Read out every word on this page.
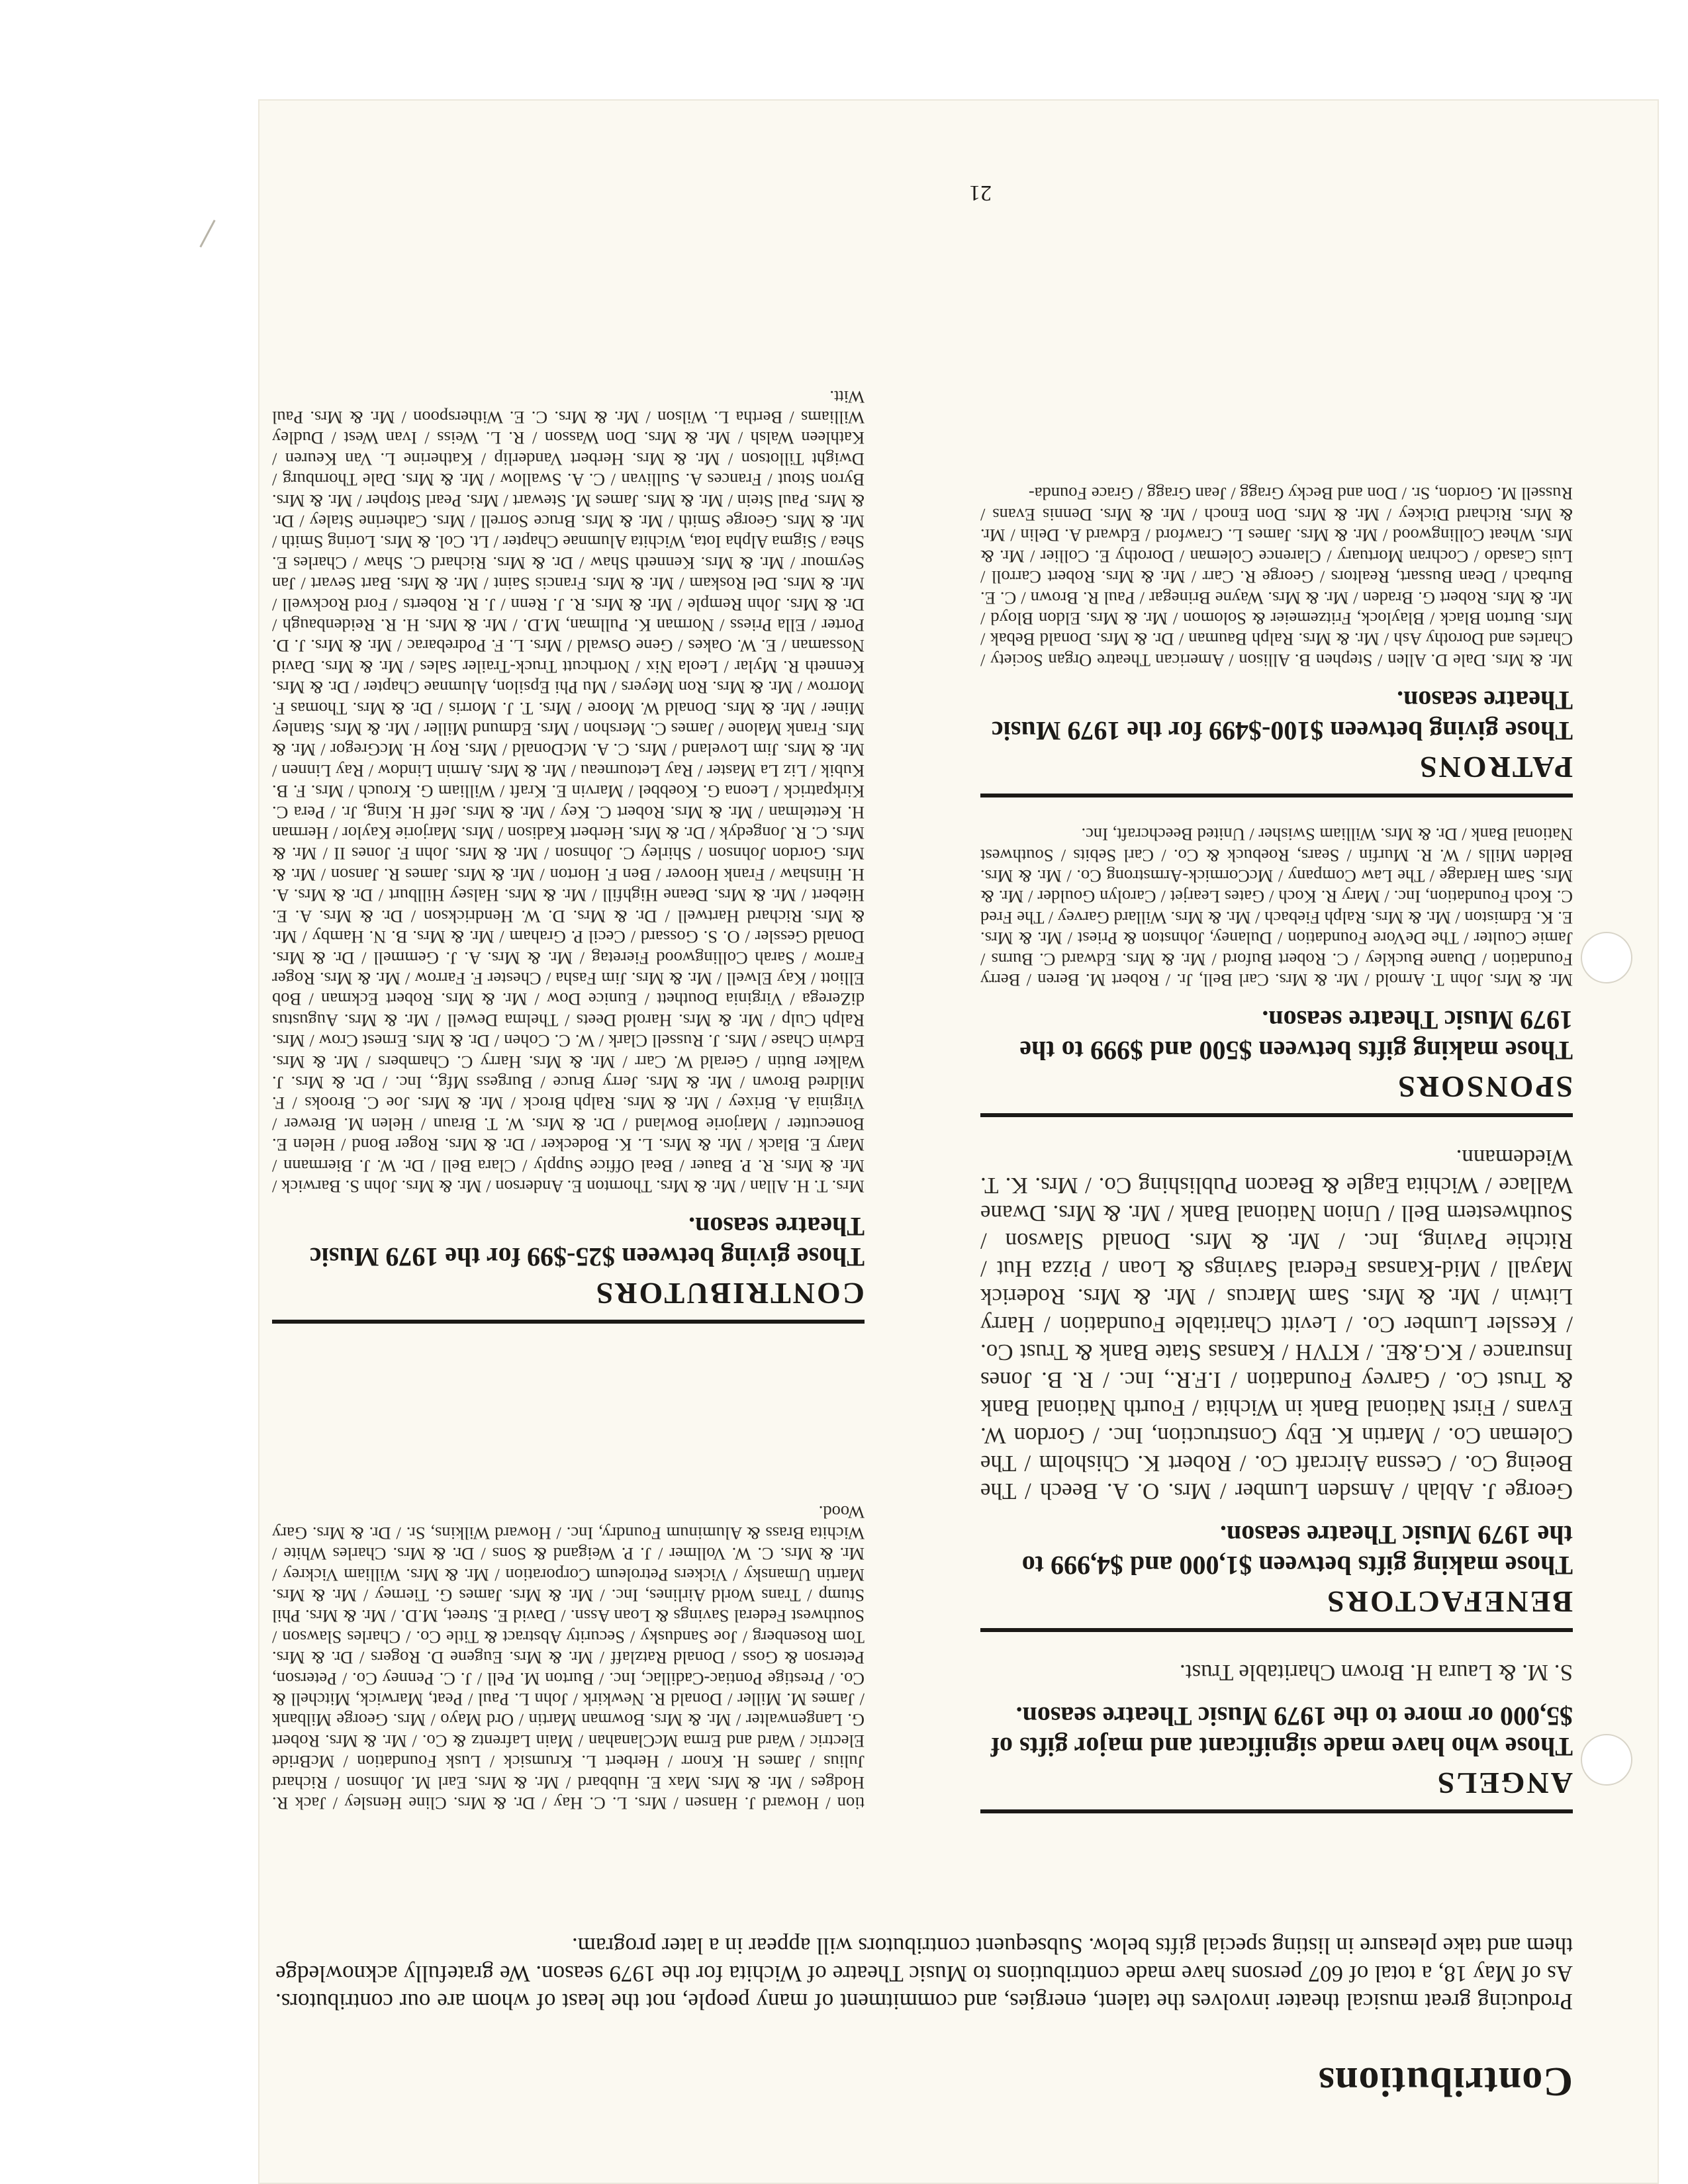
Contributions

Producing great musical theater involves the talent, energies, and commitment of many people, not the least of whom are our contributors. As of May 18, a total of 607 persons have made contributions to Music Theatre of Wichita for the 1979 season. We gratefully acknowledge them and take pleasure in listing special gifts below. Subsequent contributors will appear in a later program.

ANGELS
Those who have made significant and major gifts of $5,000 or more to the 1979 Music Theatre season.

S. M. & Laura H. Brown Charitable Trust.

BENEFACTORS
Those making gifts between $1,000 and $4,999 to the 1979 Music Theatre season.

George J. Ablah / Amsden Lumber / Mrs. O. A. Beech / The Boeing Co. / Cessna Aircraft Co. / Robert K. Chisholm / The Coleman Co. / Martin K. Eby Construction, Inc. / Gordon W. Evans / First National Bank in Wichita / Fourth National Bank & Trust Co. / Garvey Foundation / I.F.R., Inc. / R. B. Jones Insurance / K.G.&E. / KTVH / Kansas State Bank & Trust Co. / Kessler Lumber Co. / Levitt Charitable Foundation / Harry Litwin / Mr. & Mrs. Sam Marcus / Mr. & Mrs. Roderick Mayall / Mid-Kansas Federal Savings & Loan / Pizza Hut / Ritchie Paving, Inc. / Mr. & Mrs. Donald Slawson / Southwestern Bell / Union National Bank / Mr. & Mrs. Dwane Wallace / Wichita Eagle & Beacon Publishing Co. / Mrs. K. T. Wiedemann.

SPONSORS
Those making gifts between $500 and $999 to the 1979 Music Theatre season.

Mr. & Mrs. John T. Arnold / Mr. & Mrs. Carl Bell, Jr. / Robert M. Beren / Berry Foundation / Duane Buckley / C. Robert Buford / Mr. & Mrs. Edward C. Burns / Jamie Coulter / The DeVore Foundation / Dulaney, Johnston & Priest / Mr. & Mrs. E. K. Edmiston / Mr. & Mrs. Ralph Fiebach / Mr. & Mrs. Willard Garvey / The Fred C. Koch Foundation, Inc. / Mary R. Koch / Gates Learjet / Carolyn Goulder / Mr. & Mrs. Sam Hardage / The Law Company / McCormick-Armstrong Co. / Mr. & Mrs. Belden Mills / W. R. Murfin / Sears, Roebuck & Co. / Carl Sebits / Southwest National Bank / Dr. & Mrs. William Swisher / United Beechcraft, Inc.

PATRONS
Those giving between $100-$499 for the 1979 Music Theatre season.

Mr. & Mrs. Dale D. Allen / Stephen B. Allison / American Theatre Organ Society / Charles and Dorothy Ash / Mr. & Mrs. Ralph Bauman / Dr. & Mrs. Donald Bebak / Mrs. Burton Black / Blaylock, Fritzemeier & Solomon / Mr. & Mrs. Eldon Bloyd / Mr. & Mrs. Robert G. Braden / Mr. & Mrs. Wayne Brinegar / Paul R. Brown / C. E. Burbach / Dean Bussart, Realtors / George R. Carr / Mr. & Mrs. Robert Carroll / Luis Casado / Cochran Mortuary / Clarence Coleman / Dorothy E. Collier / Mr. & Mrs. Wheat Collingwood / Mr. & Mrs. James L. Crawford / Edward A. Delin / Mr. & Mrs. Richard Dickey / Mr. & Mrs. Don Enoch / Mr. & Mrs. Dennis Evans / Russell M. Gordon, Sr. / Don and Becky Gragg / Jean Gragg / Grace Founda-

CONTRIBUTORS
Those giving between $25-$99 for the 1979 Music Theatre season.

Mrs. T. H. Allan / Mr. & Mrs. Thornton E. Anderson / Mr. & Mrs. John S. Barwick / Mr. & Mrs. R. P. Bauer / Beal Office Supply / Clara Bell / Dr. W. J. Biermann / Mary E. Black / Mr. & Mrs. L. K. Bodecker / Dr. & Mrs. Roger Bond / Helen E. Bonecutter / Marjorie Bowland / Dr. & Mrs. W. T. Braun / Helen M. Brewer / Virginia A. Brixey / Mr. & Mrs. Ralph Brock / Mr. & Mrs. Joe C. Brooks / F. Mildred Brown / Mr. & Mrs. Jerry Bruce / Burgess Mfg., Inc. / Dr. & Mrs. J. Walker Butin / Gerald W. Carr / Mr. & Mrs. Harry C. Chambers / Mr. & Mrs. Edwin Chase / Mrs. J. Russell Clark / W. C. Cohen / Dr. & Mrs. Ernest Crow / Mrs. Ralph Culp / Mr. & Mrs. Harold Deets / Thelma Dewell / Mr. & Mrs. Augustus diZerega / Virginia Douthett / Eunice Dow / Mr. & Mrs. Robert Eckman / Bob Elliott / Kay Elwell / Mr. & Mrs. Jim Fasha / Chester F. Farrow / Mr. & Mrs. Roger Farrow / Sarah Collingwood Fieretag / Mr. & Mrs. A. J. Gemmell / Dr. & Mrs. Donald Gessler / O. S. Gossard / Cecil P. Graham / Mr. & Mrs. B. N. Hamby / Mr. & Mrs. Richard Hartwell / Dr. & Mrs. D. W. Hendrickson / Dr. & Mrs. A. E. Hiebert / Mr. & Mrs. Deane Highfill / Mr. & Mrs. Halsey Hillburt / Dr. & Mrs. A. H. Hinshaw / Frank Hoover / Ben F. Horton / Mr. & Mrs. James R. Janson / Mr. & Mrs. Gordon Johnson / Shirley C. Johnson / Mr. & Mrs. John F. Jones II / Mr. & Mrs. C. R. Jongedyk / Dr. & Mrs. Herbert Kadison / Mrs. Marjorie Kaylor / Herman H. Kettelman / Mr. & Mrs. Robert C. Key / Mr. & Mrs. Jeff H. King, Jr. / Pera C. Kirkpatrick / Leona G. Koebbel / Marvin E. Kraft / William G. Krouch / Mrs. F. B. Kubik / Liz La Master / Ray Letourneau / Mr. & Mrs. Armin Lindow / Ray Linnen / Mr. & Mrs. Jim Loveland / Mrs. C. A. McDonald / Mrs. Roy H. McGregor / Mr. & Mrs. Frank Malone / James C. Mershon / Mrs. Edmund Miller / Mr. & Mrs. Stanley Miner / Mr. & Mrs. Donald W. Moore / Mrs. T. J. Morris / Dr. & Mrs. Thomas F. Morrow / Mr. & Mrs. Ron Meyers / Mu Phi Epsilon, Alumnae Chapter / Dr. & Mrs. Kenneth R. Mylar / Leola Nix / Northcutt Truck-Trailer Sales / Mr. & Mrs. David Nossaman / E. W. Oakes / Gene Oswald / Mrs. L. F. Podrebarac / Mr. & Mrs. J. D. Porter / Ella Priess / Norman K. Pullman, M.D. / Mr. & Mrs. H. R. Reidenbaugh / Dr. & Mrs. John Remple / Mr. & Mrs. R. J. Renn / J. R. Roberts / Ford Rockwell / Mr. & Mrs. Del Roskam / Mr. & Mrs. Francis Saint / Mr. & Mrs. Bart Sevart / Jan Seymour / Mr. & Mrs. Kenneth Shaw / Dr. & Mrs. Richard C. Shaw / Charles E. Shea / Sigma Alpha Iota, Wichita Alumnae Chapter / Lt. Col. & Mrs. Loring Smith / Mr. & Mrs. George Smith / Mr. & Mrs. Bruce Sorrell / Mrs. Catherine Staley / Dr. & Mrs. Paul Stein / Mr. & Mrs. James M. Stewart / Mrs. Pearl Stopher / Mr. & Mrs. Byron Stout / Frances A. Sullivan / C. A. Swallow / Mr. & Mrs. Dale Thornburg / Dwight Tillotson / Mr. & Mrs. Herbert Vanderlip / Katherine L. Van Keuren / Kathleen Walsh / Mr. & Mrs. Don Wasson / R. L. Weiss / Ivan West / Dudley Williams / Bertha L. Wilson / Mr. & Mrs. C. E. Witherspoon / Mr. & Mrs. Paul Witt.

tion / Howard J. Hansen / Mrs. L. C. Hay / Dr. & Mrs. Cline Hensley / Jack R. Hodges / Mr. & Mrs. Max E. Hubbard / Mr. & Mrs. Earl M. Johnson / Richard Julius / James H. Knorr / Herbert L. Krumsick / Lusk Foundation / McBride Electric / Ward and Erma McClanahan / Main Lafrentz & Co. / Mr. & Mrs. Robert G. Langenwalter / Mr. & Mrs. Bowman Martin / Ord Mayo / Mrs. George Milbank / James M. Miller / Donald R. Newkirk / John L. Paul / Peat, Marwick, Mitchell & Co. / Prestige Pontiac-Cadillac, Inc. / Burton M. Pell / J. C. Penney Co. / Peterson, Peterson & Goss / Donald Ratzlaff / Mr. & Mrs. Eugene D. Rogers / Dr. & Mrs. Tom Rosenberg / Joe Sandusky / Security Abstract & Title Co. / Charles Slawson / Southwest Federal Savings & Loan Assn. / David E. Street, M.D. / Mr. & Mrs. Phil Stump / Trans World Airlines, Inc. / Mr. & Mrs. James G. Tierney / Mr. & Mrs. Martin Umansky / Vickers Petroleum Corporation / Mr. & Mrs. William Vickrey / Mr. & Mrs. C. W. Vollmer / J. P. Weigand & Sons / Dr. & Mrs. Charles White / Wichita Brass & Aluminum Foundry, Inc. / Howard Wilkins, Sr. / Dr. & Mrs. Gary Wood.

21
